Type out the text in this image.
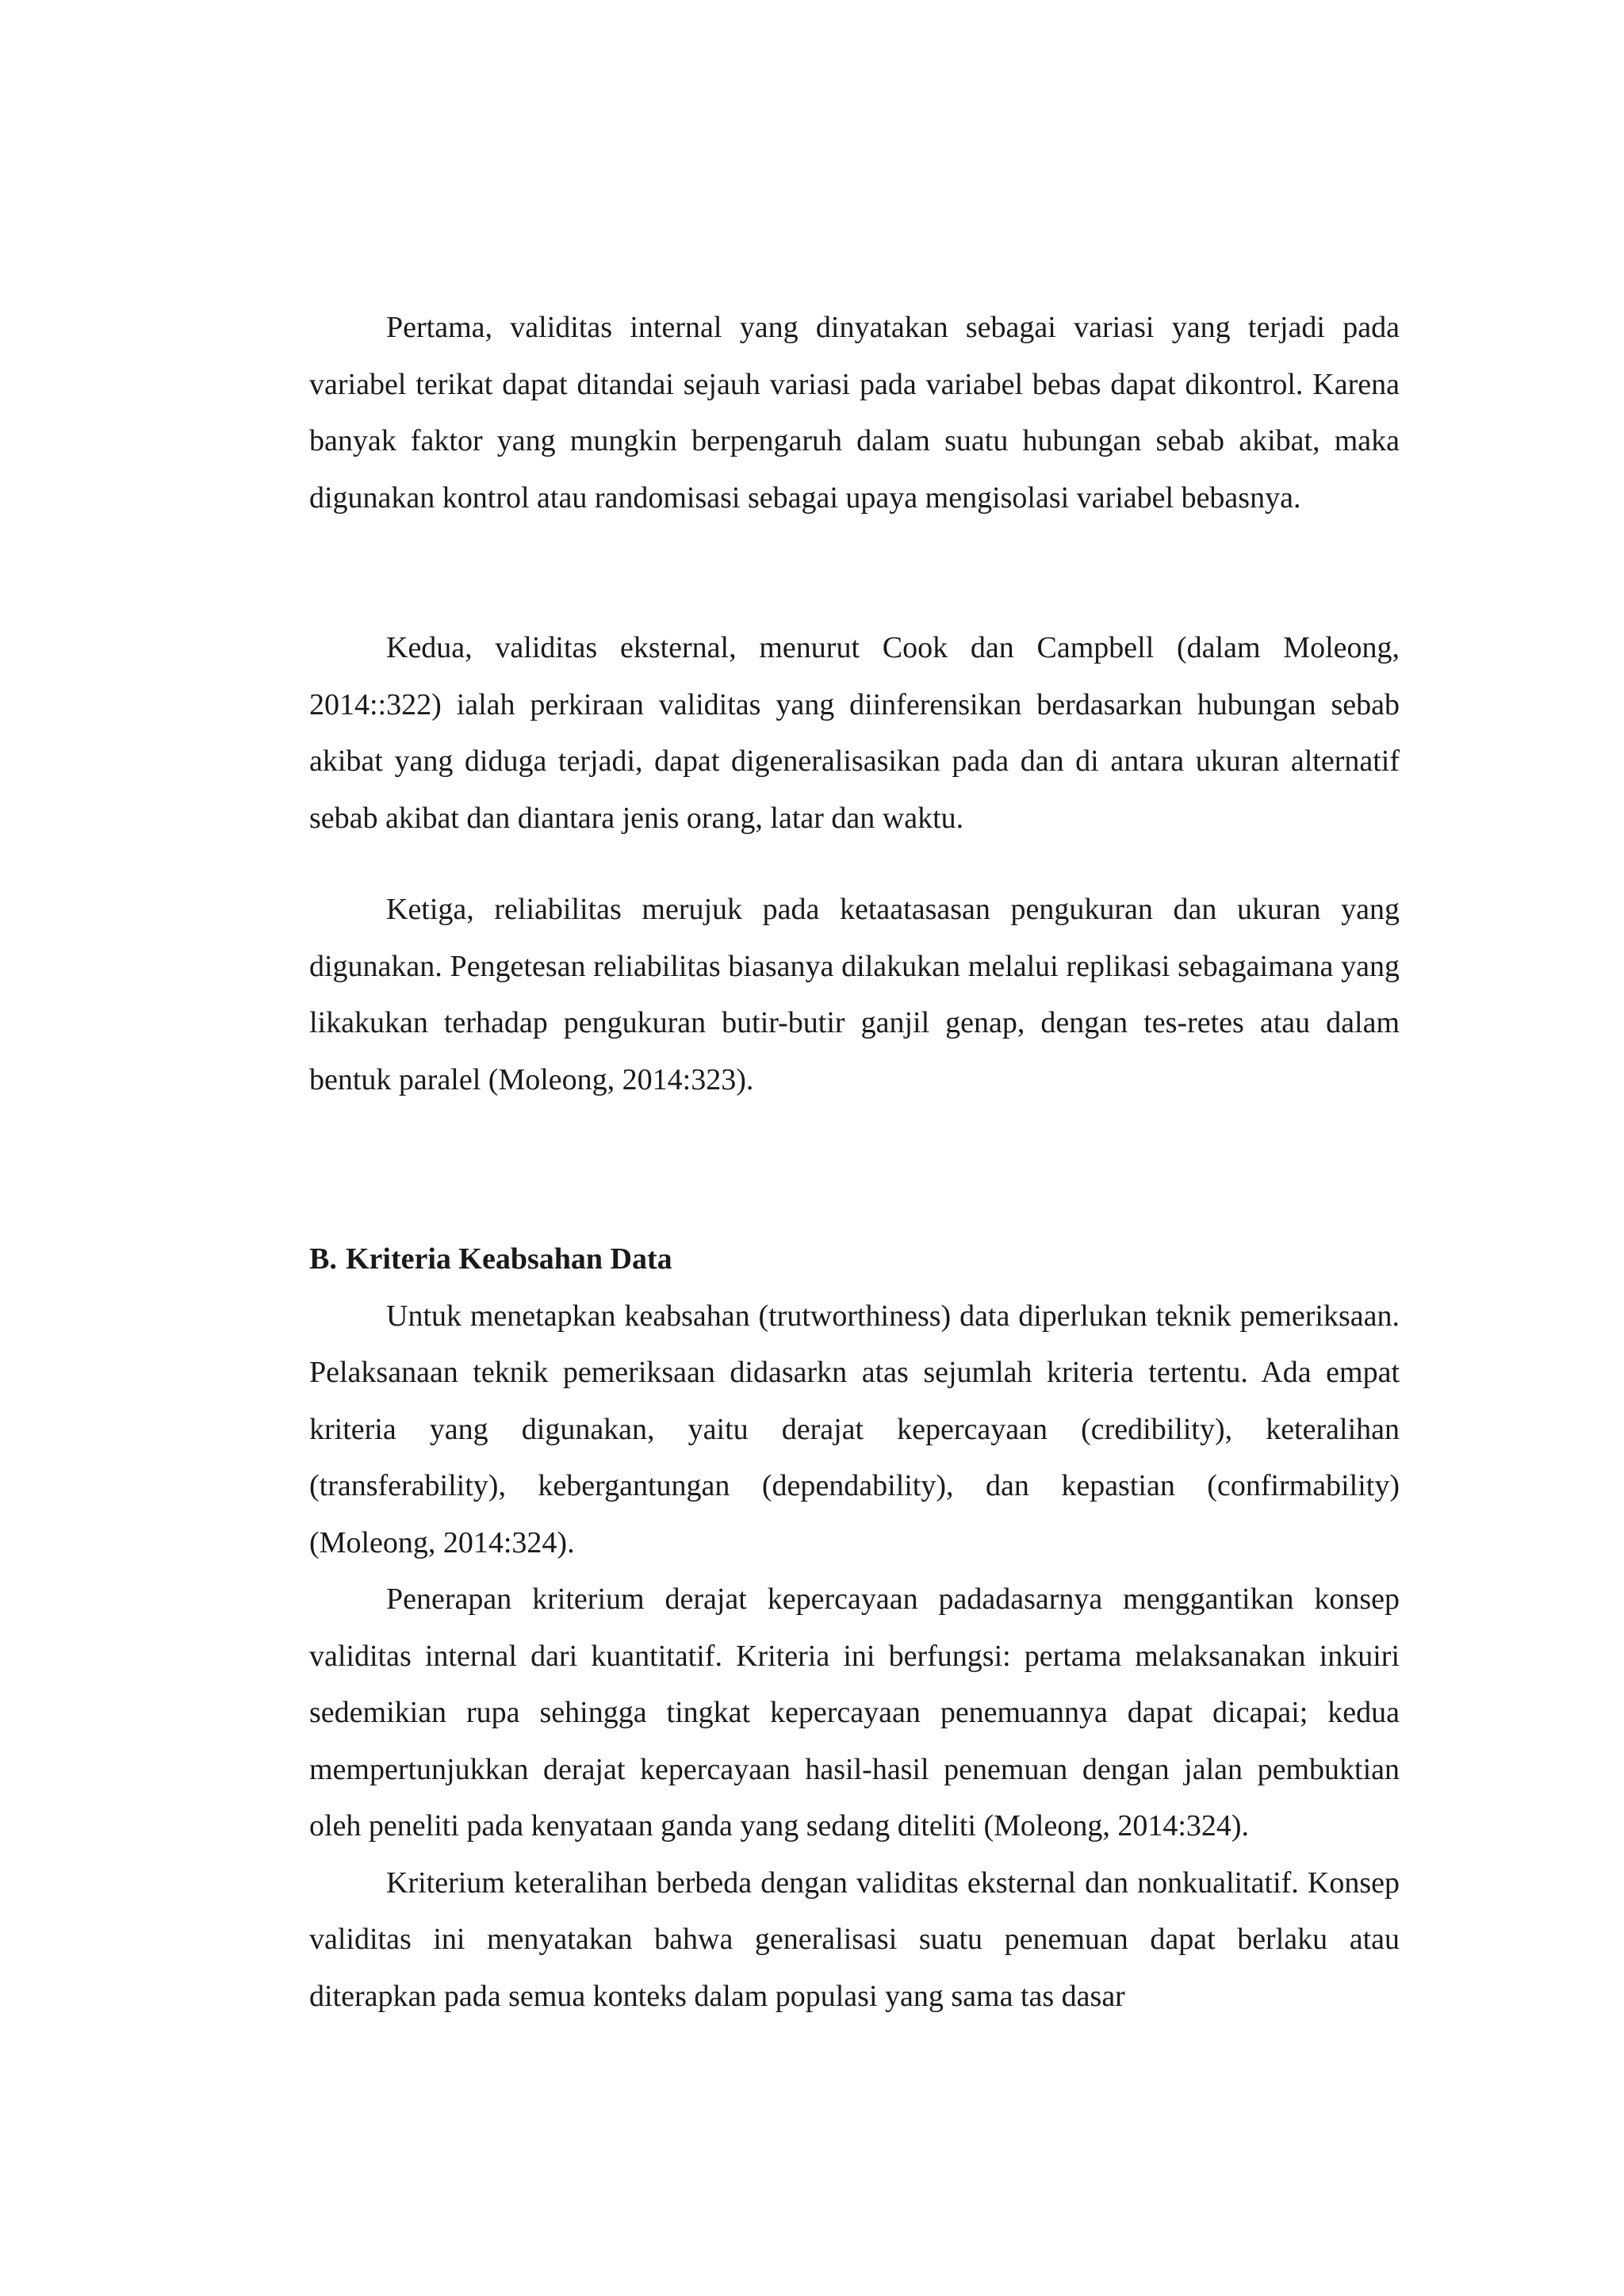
Pertama, validitas internal yang dinyatakan sebagai variasi yang terjadi pada variabel terikat dapat ditandai sejauh variasi pada variabel bebas dapat dikontrol. Karena banyak faktor yang mungkin berpengaruh dalam suatu hubungan sebab akibat, maka digunakan kontrol atau randomisasi sebagai upaya mengisolasi variabel bebasnya.

Kedua, validitas eksternal, menurut Cook dan Campbell (dalam Moleong, 2014::322) ialah perkiraan validitas yang diinferensikan berdasarkan hubungan sebab akibat yang diduga terjadi, dapat digeneralisasikan pada dan di antara ukuran alternatif sebab akibat dan diantara jenis orang, latar dan waktu.

Ketiga, reliabilitas merujuk pada ketaatasasan pengukuran dan ukuran yang digunakan. Pengetesan reliabilitas biasanya dilakukan melalui replikasi sebagaimana yang likakukan terhadap pengukuran butir-butir ganjil genap, dengan tes-retes atau dalam bentuk paralel (Moleong, 2014:323).

B. Kriteria Keabsahan Data

Untuk menetapkan keabsahan (trutworthiness) data diperlukan teknik pemeriksaan. Pelaksanaan teknik pemeriksaan didasarkn atas sejumlah kriteria tertentu. Ada empat kriteria yang digunakan, yaitu derajat kepercayaan (credibility), keteralihan (transferability), kebergantungan (dependability), dan kepastian (confirmability) (Moleong, 2014:324).

Penerapan kriterium derajat kepercayaan padadasarnya menggantikan konsep validitas internal dari kuantitatif. Kriteria ini berfungsi: pertama melaksanakan inkuiri sedemikian rupa sehingga tingkat kepercayaan penemuannya dapat dicapai; kedua mempertunjukkan derajat kepercayaan hasil-hasil penemuan dengan jalan pembuktian oleh peneliti pada kenyataan ganda yang sedang diteliti (Moleong, 2014:324).

Kriterium keteralihan berbeda dengan validitas eksternal dan nonkualitatif. Konsep validitas ini menyatakan bahwa generalisasi suatu penemuan dapat berlaku atau diterapkan pada semua konteks dalam populasi yang sama tas dasar
